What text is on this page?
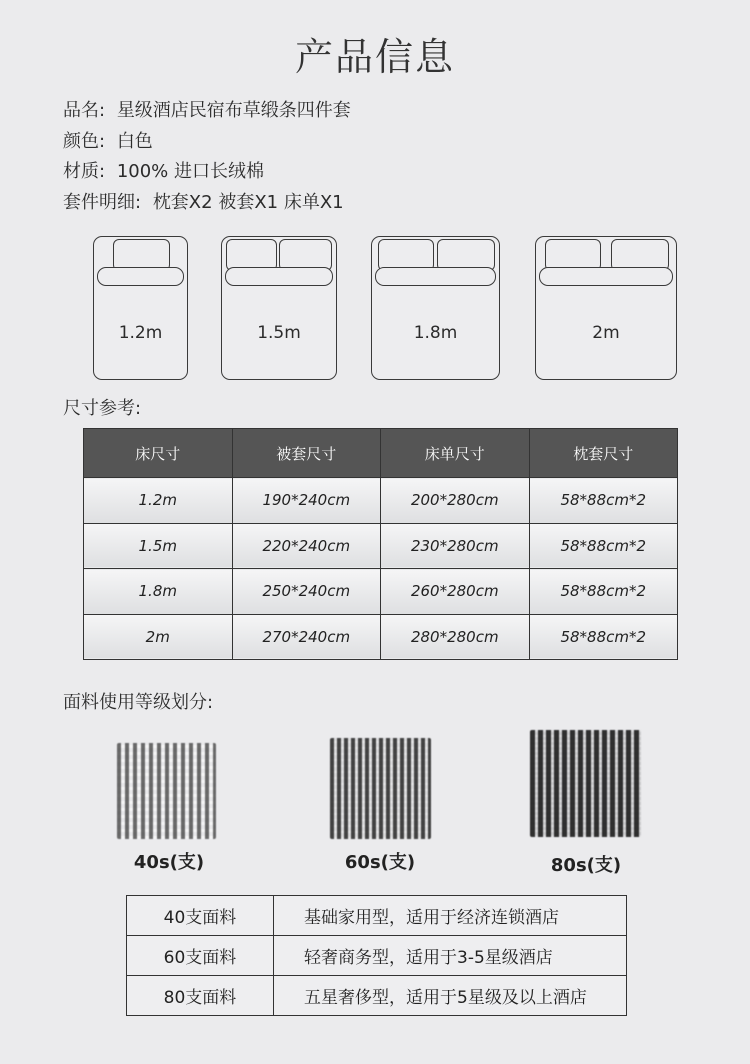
产品信息
品名: 星级酒店民宿布草缎条四件套
颜色: 白色
材质: 100% 进口长绒棉
套件明细: 枕套X2 被套X1 床单X1
1.2m	1.5m	1.8m	2m
尺寸参考:
床尺寸	被套尺寸	床单尺寸	枕套尺寸
1.2m	190*240cm	200*280cm	58*88cm*2
1.5m	220*240cm	230*280cm	58*88cm*2
1.8m	250*240cm	260*280cm	58*88cm*2
2m	270*240cm	280*280cm	58*88cm*2
面料使用等级划分:
40s(支)	60s(支)	80s(支)
40支面料	基础家用型，适用于经济连锁酒店
60支面料	轻奢商务型，适用于3-5星级酒店
80支面料	五星奢侈型，适用于5星级及以上酒店
